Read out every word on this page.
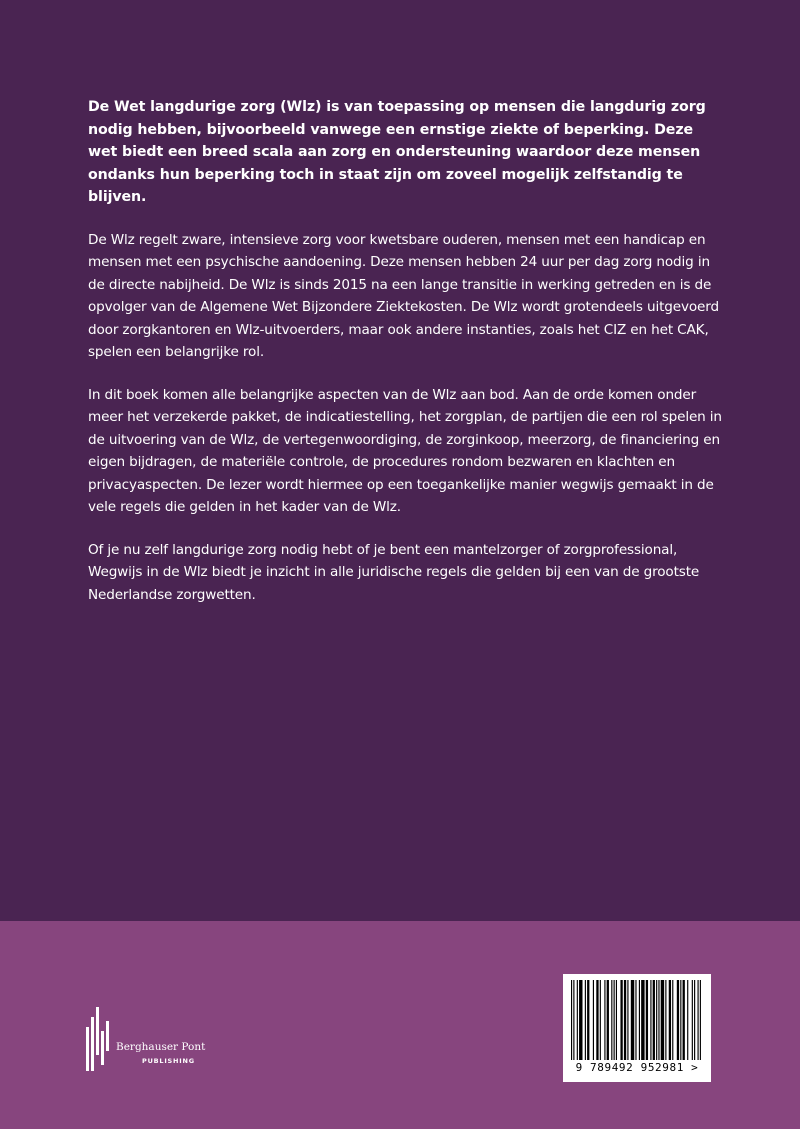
De Wet langdurige zorg (Wlz) is van toepassing op mensen die langdurig zorg nodig hebben, bijvoorbeeld vanwege een ernstige ziekte of beperking. Deze wet biedt een breed scala aan zorg en ondersteuning waardoor deze mensen ondanks hun beperking toch in staat zijn om zoveel mogelijk zelfstandig te blijven.

De Wlz regelt zware, intensieve zorg voor kwetsbare ouderen, mensen met een handicap en mensen met een psychische aandoening. Deze mensen hebben 24 uur per dag zorg nodig in de directe nabijheid. De Wlz is sinds 2015 na een lange transitie in werking getreden en is de opvolger van de Algemene Wet Bijzondere Ziektekosten. De Wlz wordt grotendeels uitgevoerd door zorgkantoren en Wlz-uitvoerders, maar ook andere instanties, zoals het CIZ en het CAK, spelen een belangrijke rol.

In dit boek komen alle belangrijke aspecten van de Wlz aan bod. Aan de orde komen onder meer het verzekerde pakket, de indicatiestelling, het zorgplan, de partijen die een rol spelen in de uitvoering van de Wlz, de vertegenwoordiging, de zorginkoop, meerzorg, de financiering en eigen bijdragen, de materiële controle, de procedures rondom bezwaren en klachten en privacyaspecten. De lezer wordt hiermee op een toegankelijke manier wegwijs gemaakt in de vele regels die gelden in het kader van de Wlz.

Of je nu zelf langdurige zorg nodig hebt of je bent een mantelzorger of zorgprofessional, Wegwijs in de Wlz biedt je inzicht in alle juridische regels die gelden bij een van de grootste Nederlandse zorgwetten.

Berghauser Pont
PUBLISHING	9 789492 952981 >
